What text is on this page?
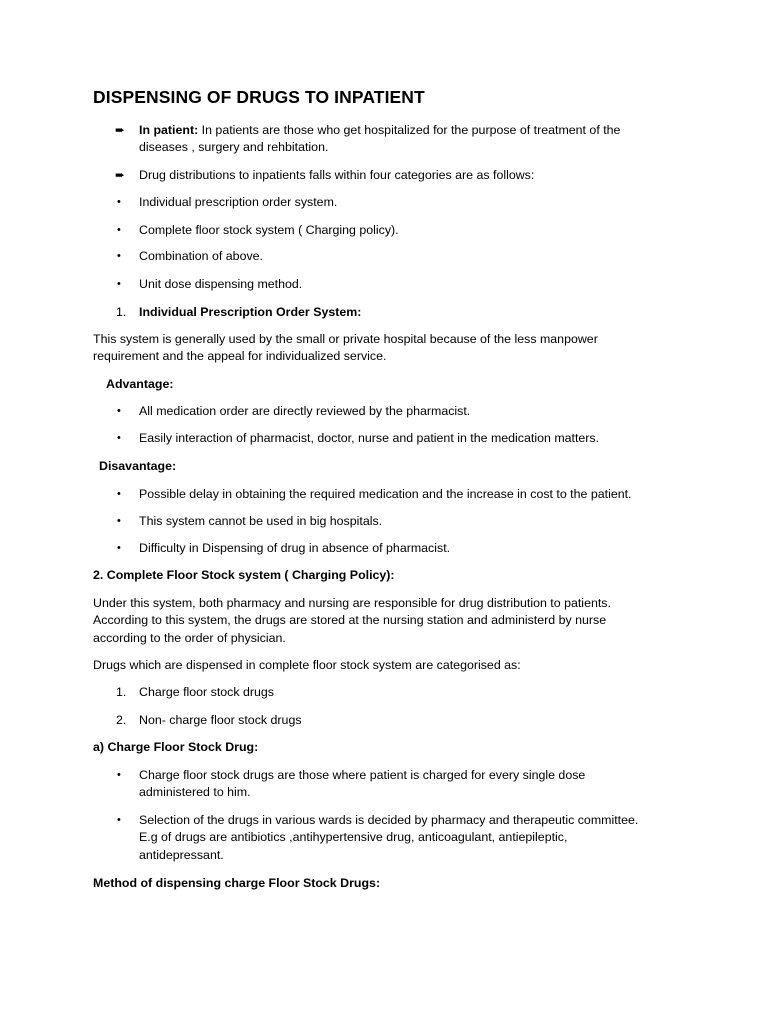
DISPENSING OF DRUGS TO INPATIENT
➨ In patient: In patients are those who get hospitalized for the purpose of treatment of the
diseases , surgery and rehbitation.
➨ Drug distributions to inpatients falls within four categories are as follows:
• Individual prescription order system.
• Complete floor stock system ( Charging policy).
• Combination of above.
• Unit dose dispensing method.
1. Individual Prescription Order System:
This system is generally used by the small or private hospital because of the less manpower
requirement and the appeal for individualized service.
Advantage:
• All medication order are directly reviewed by the pharmacist.
• Easily interaction of pharmacist, doctor, nurse and patient in the medication matters.
Disavantage:
• Possible delay in obtaining the required medication and the increase in cost to the patient.
• This system cannot be used in big hospitals.
• Difficulty in Dispensing of drug in absence of pharmacist.
2. Complete Floor Stock system ( Charging Policy):
Under this system, both pharmacy and nursing are responsible for drug distribution to patients.
According to this system, the drugs are stored at the nursing station and administerd by nurse
according to the order of physician.
Drugs which are dispensed in complete floor stock system are categorised as:
1. Charge floor stock drugs
2. Non- charge floor stock drugs
a) Charge Floor Stock Drug:
• Charge floor stock drugs are those where patient is charged for every single dose
administered to him.
• Selection of the drugs in various wards is decided by pharmacy and therapeutic committee.
E.g of drugs are antibiotics ,antihypertensive drug, anticoagulant, antiepileptic,
antidepressant.
Method of dispensing charge Floor Stock Drugs:
